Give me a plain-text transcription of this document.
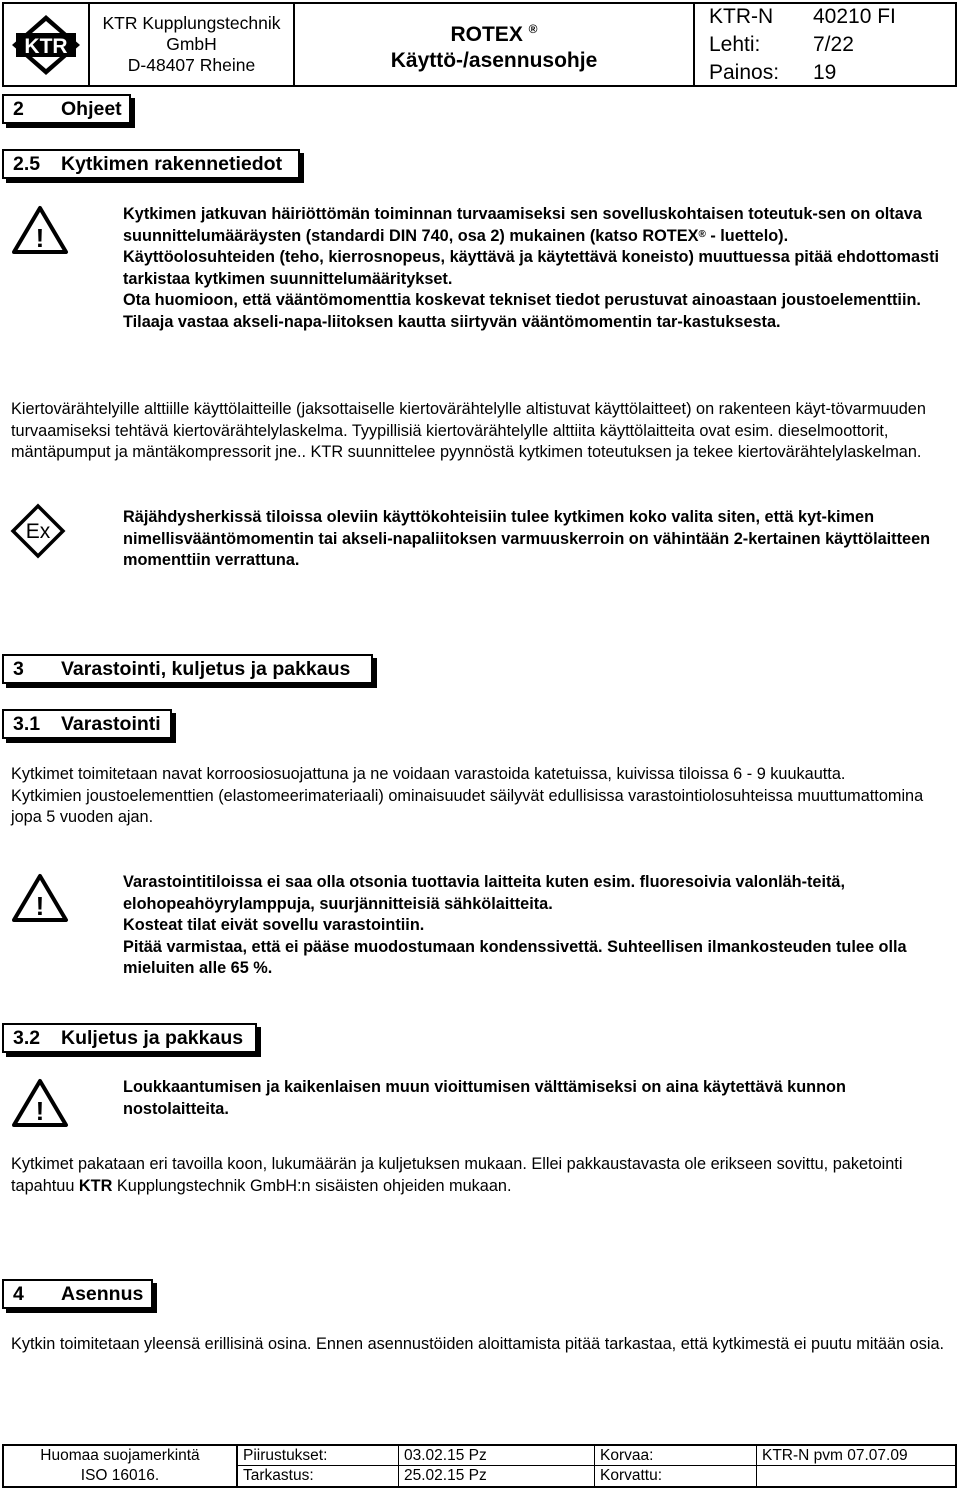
KTR
KTR Kupplungstechnik
GmbH
D-48407 Rheine
ROTEX ®
Käyttö-/asennusohje
KTR-N	40210 FI
Lehti:	7/22
Painos:	19
2	Ohjeet
2.5	Kytkimen rakennetiedot
!

Kytkimen jatkuvan häiriöttömän toiminnan turvaamiseksi sen sovelluskohtaisen toteutuk-sen on oltava suunnittelumääräysten (standardi DIN 740, osa 2) mukainen (katso ROTEX® - luettelo).

Käyttöolosuhteiden (teho, kierrosnopeus, käyttävä ja käytettävä koneisto) muuttuessa pitää ehdottomasti tarkistaa kytkimen suunnittelumääritykset.

Ota huomioon, että vääntömomenttia koskevat tekniset tiedot perustuvat ainoastaan joustoelementtiin. Tilaaja vastaa akseli-napa-liitoksen kautta siirtyvän vääntömomentin tar-kastuksesta.

Kiertovärähtelyille alttiille käyttölaitteille (jaksottaiselle kiertovärähtelylle altistuvat käyttölaitteet) on rakenteen käyt-tövarmuuden turvaamiseksi tehtävä kiertovärähtelylaskelma. Tyypillisiä kiertovärähtelylle alttiita käyttölaitteita ovat esim. dieselmoottorit, mäntäpumput ja mäntäkompressorit jne.. KTR suunnittelee pyynnöstä kytkimen toteutuksen ja tekee kiertovärähtelylaskelman.

Ex

Räjähdysherkissä tiloissa oleviin käyttökohteisiin tulee kytkimen koko valita siten, että kyt-kimen nimellisvääntömomentin tai akseli-napaliitoksen varmuuskerroin on vähintään 2-kertainen käyttölaitteen momenttiin verrattuna.

3	Varastointi, kuljetus ja pakkaus
3.1	Varastointi

Kytkimet toimitetaan navat korroosiosuojattuna ja ne voidaan varastoida katetuissa, kuivissa tiloissa 6 - 9 kuukautta.

Kytkimien joustoelementtien (elastomeerimateriaali) ominaisuudet säilyvät edullisissa varastointiolosuhteissa muuttumattomina jopa 5 vuoden ajan.

!

Varastointitiloissa ei saa olla otsonia tuottavia laitteita kuten esim. fluoresoivia valonläh-teitä, elohopeahöyrylamppuja, suurjännitteisiä sähkölaitteita.

Kosteat tilat eivät sovellu varastointiin.

Pitää varmistaa, että ei pääse muodostumaan kondenssivettä. Suhteellisen ilmankosteuden tulee olla mieluiten alle 65 %.

3.2	Kuljetus ja pakkaus
!

Loukkaantumisen ja kaikenlaisen muun vioittumisen välttämiseksi on aina käytettävä kunnon nostolaitteita.

Kytkimet pakataan eri tavoilla koon, lukumäärän ja kuljetuksen mukaan. Ellei pakkaustavasta ole erikseen sovittu, paketointi tapahtuu KTR Kupplungstechnik GmbH:n sisäisten ohjeiden mukaan.

4	Asennus

Kytkin toimitetaan yleensä erillisinä osina. Ennen asennustöiden aloittamista pitää tarkastaa, että kytkimestä ei puutu mitään osia.

Huomaa suojamerkintä
ISO 16016.
Piirustukset:	03.02.15 Pz	Korvaa:	KTR-N pvm 07.07.09
Tarkastus:	25.02.15 Pz	Korvattu:
